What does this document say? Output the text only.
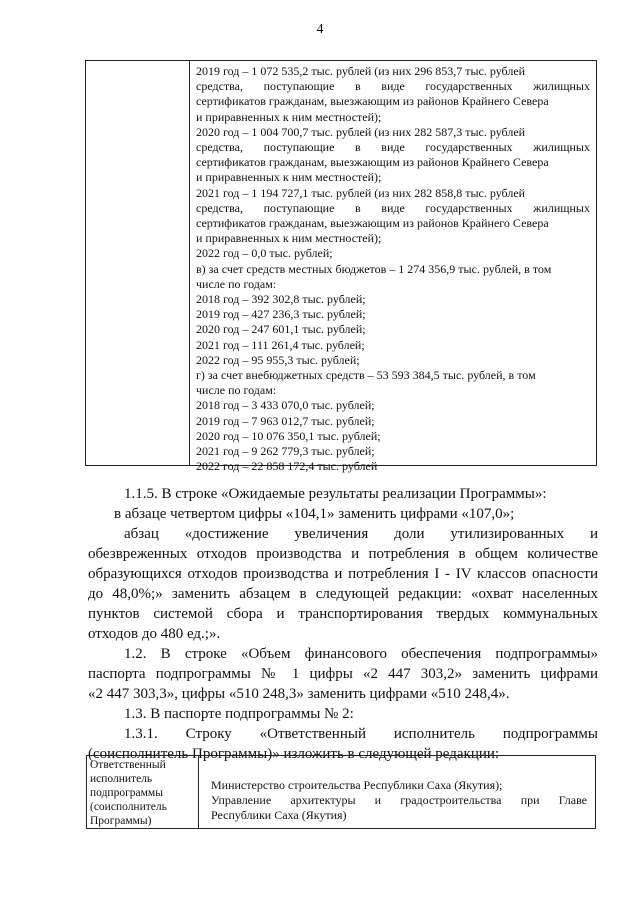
4
2019 год – 1 072 535,2 тыс. рублей (из них 296 853,7 тыс. рублей
средства, поступающие в виде государственных жилищных
сертификатов гражданам, выезжающим из районов Крайнего Севера
и приравненных к ним местностей);
2020 год – 1 004 700,7 тыс. рублей (из них 282 587,3 тыс. рублей
средства, поступающие в виде государственных жилищных
сертификатов гражданам, выезжающим из районов Крайнего Севера
и приравненных к ним местностей);
2021 год – 1 194 727,1 тыс. рублей (из них 282 858,8 тыс. рублей
средства, поступающие в виде государственных жилищных
сертификатов гражданам, выезжающим из районов Крайнего Севера
и приравненных к ним местностей);
2022 год – 0,0 тыс. рублей;
в) за счет средств местных бюджетов – 1 274 356,9 тыс. рублей, в том
числе по годам:
2018 год – 392 302,8 тыс. рублей;
2019 год – 427 236,3 тыс. рублей;
2020 год – 247 601,1 тыс. рублей;
2021 год – 111 261,4 тыс. рублей;
2022 год – 95 955,3 тыс. рублей;
г) за счет внебюджетных средств – 53 593 384,5 тыс. рублей, в том
числе по годам:
2018 год – 3 433 070,0 тыс. рублей;
2019 год – 7 963 012,7 тыс. рублей;
2020 год – 10 076 350,1 тыс. рублей;
2021 год – 9 262 779,3 тыс. рублей;
2022 год – 22 858 172,4 тыс. рублей
1.1.5. В строке «Ожидаемые результаты реализации Программы»:
в абзаце четвертом цифры «104,1» заменить цифрами «107,0»;
абзац «достижение увеличения доли утилизированных и
обезвреженных отходов производства и потребления в общем количестве
образующихся отходов производства и потребления I - IV классов опасности
до 48,0%;» заменить абзацем в следующей редакции: «охват населенных
пунктов системой сбора и транспортирования твердых коммунальных
отходов до 480 ед.;».
1.2. В строке «Объем финансового обеспечения подпрограммы»
паспорта подпрограммы № 1 цифры «2 447 303,2» заменить цифрами
«2 447 303,3», цифры «510 248,3» заменить цифрами «510 248,4».
1.3. В паспорте подпрограммы № 2:
1.3.1. Строку «Ответственный исполнитель подпрограммы
(соисполнитель Программы)» изложить в следующей редакции:
Ответственный
исполнитель
подпрограммы
(соисполнитель
Программы)
Министерство строительства Республики Саха (Якутия);
Управление архитектуры и градостроительства при Главе
Республики Саха (Якутия)
